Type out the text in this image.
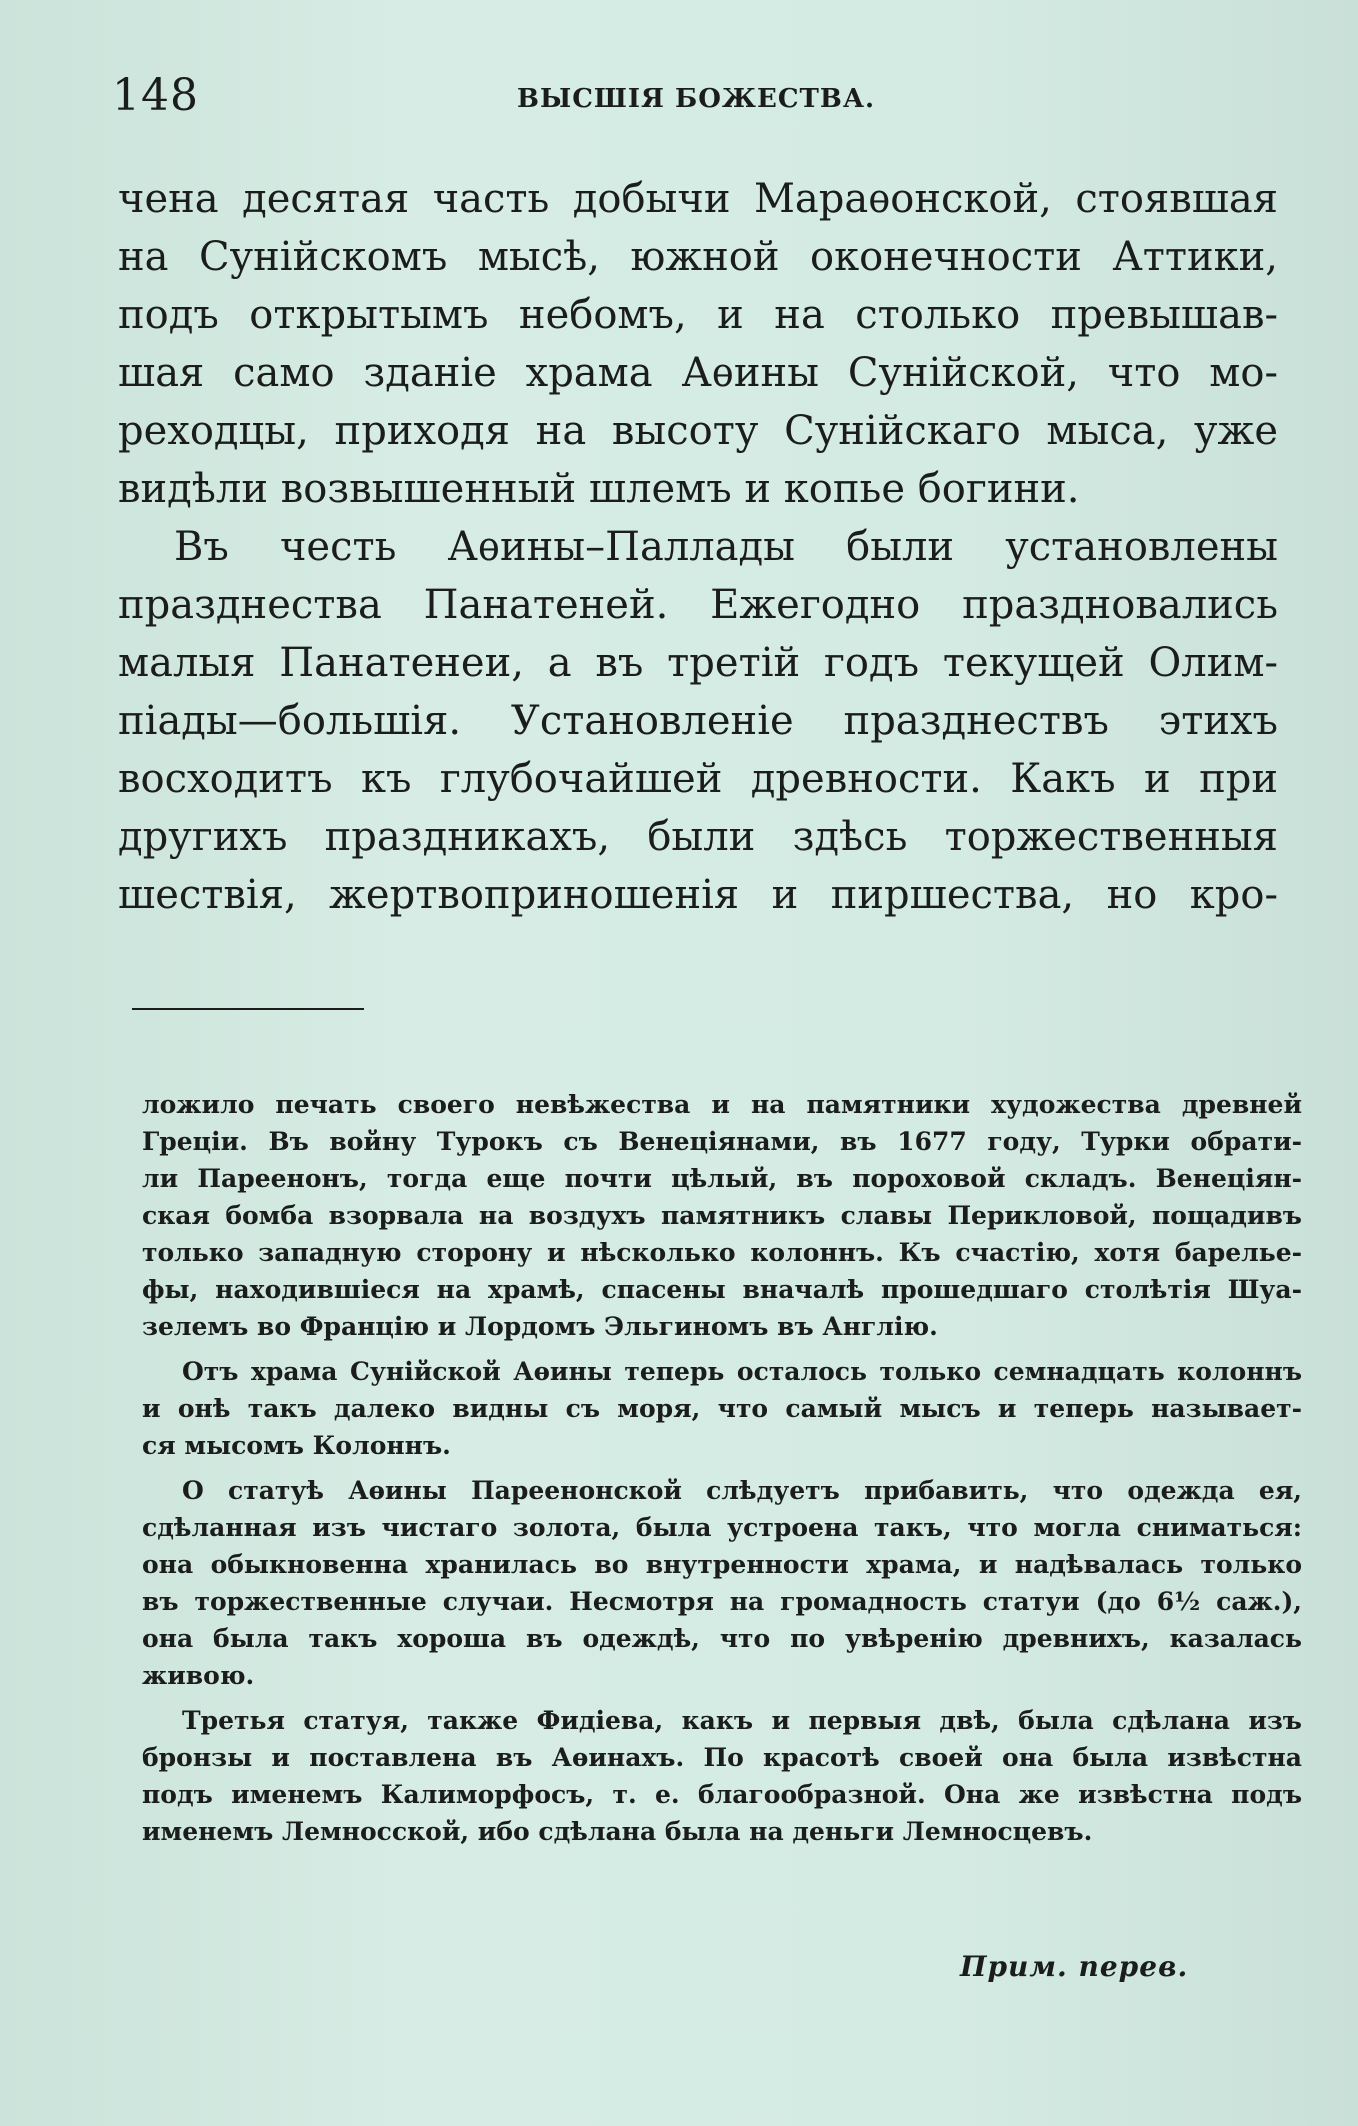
148	ВЫСШІЯ БОЖЕСТВА.
чена десятая часть добычи Мараѳонской, стоявшая
на Сунійскомъ мысѣ, южной оконечности Аттики,
подъ открытымъ небомъ, и на столько превышав-
шая само зданіе храма Аѳины Сунійской, что мо-
реходцы, приходя на высоту Сунійскаго мыса, уже
видѣли возвышенный шлемъ и копье богини.
Въ честь Аѳины–Паллады были установлены
празднества Панатеней. Ежегодно праздновались
малыя Панатенеи, а въ третій годъ текущей Олим-
піады—большія. Установленіе празднествъ этихъ
восходитъ къ глубочайшей древности. Какъ и при
другихъ праздникахъ, были здѣсь торжественныя
шествія, жертвоприношенія и пиршества, но кро-

ложило печать своего невѣжества и на памятники художества древней
Греціи. Въ войну Турокъ съ Венеціянами, въ 1677 году, Турки обрати-
ли Пареенонъ, тогда еще почти цѣлый, въ пороховой складъ. Венеціян-
ская бомба взорвала на воздухъ памятникъ славы Перикловой, пощадивъ
только западную сторону и нѣсколько колоннъ. Къ счастію, хотя барелье-
фы, находившіеся на храмѣ, спасены вначалѣ прошедшаго столѣтія Шуа-
зелемъ во Францію и Лордомъ Эльгиномъ въ Англію.

Отъ храма Сунійской Аѳины теперь осталось только семнадцать колоннъ
и онѣ такъ далеко видны съ моря, что самый мысъ и теперь называет-
ся мысомъ Колоннъ.

О статуѣ Аѳины Пареенонской слѣдуетъ прибавить, что одежда ея,
сдѣланная изъ чистаго золота, была устроена такъ, что могла сниматься:
она обыкновенна хранилась во внутренности храма, и надѣвалась только
въ торжественные случаи. Несмотря на громадность статуи (до 6½ саж.),
она была такъ хороша въ одеждѣ, что по увѣренію древнихъ, казалась
живою.

Третья статуя, также Фидіева, какъ и первыя двѣ, была сдѣлана изъ
бронзы и поставлена въ Аѳинахъ. По красотѣ своей она была извѣстна
подъ именемъ Калиморфосъ, т. е. благообразной. Она же извѣстна подъ
именемъ Лемносской, ибо сдѣлана была на деньги Лемносцевъ.

Прим. перев.
